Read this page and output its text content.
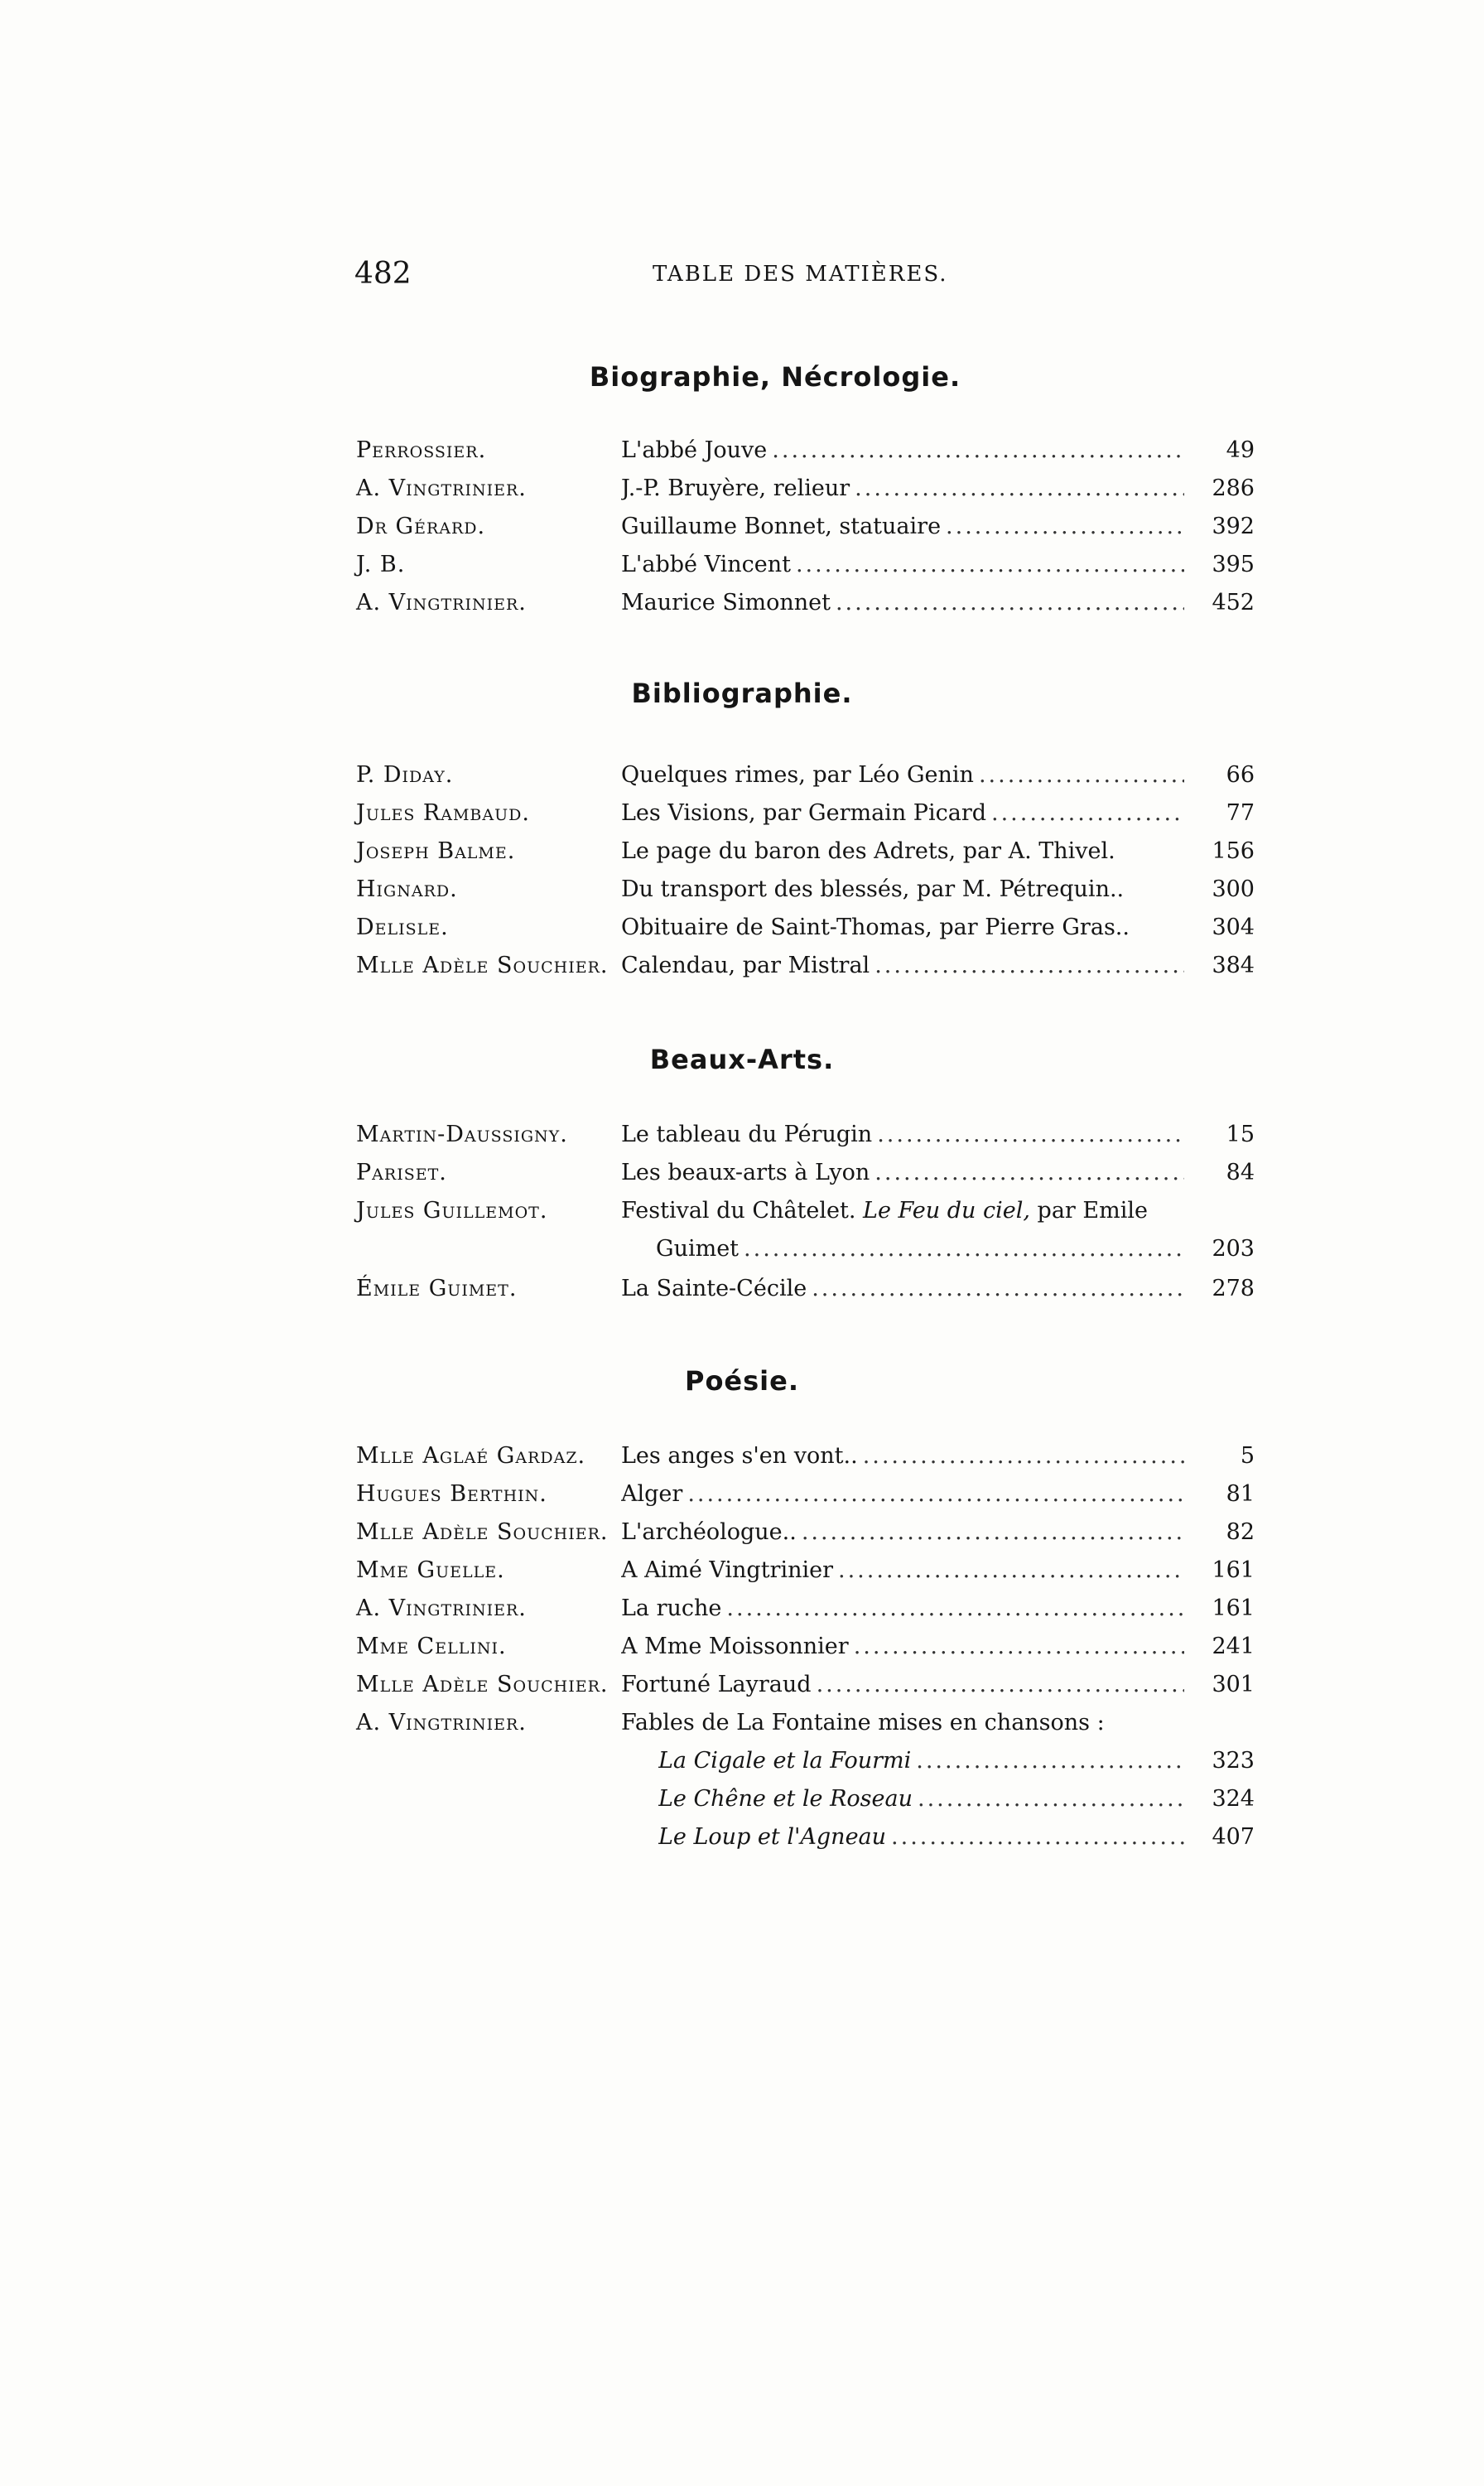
482	TABLE DES MATIÈRES.
Biographie, Nécrologie.
Perrossier.	L'abbé Jouve .....	49
A. Vingtrinier.	J.-P. Bruyère, relieur .....	286
Dr Gérard.	Guillaume Bonnet, statuaire .....	392
J. B.	L'abbé Vincent .....	395
A. Vingtrinier.	Maurice Simonnet .....	452
Bibliographie.
P. Diday.	Quelques rimes, par Léo Genin .....	66
Jules Rambaud.	Les Visions, par Germain Picard .....	77
Joseph Balme.	Le page du baron des Adrets, par A. Thivel.	156
Hignard.	Du transport des blessés, par M. Pétrequin..	300
Delisle.	Obituaire de Saint-Thomas, par Pierre Gras..	304
Mlle Adèle Souchier. Calendau, par Mistral .....	384
Beaux-Arts.
Martin-Daussigny. Le tableau du Pérugin .....	15
Pariset.	Les beaux-arts à Lyon .....	84
Jules Guillemot.	Festival du Châtelet. Le Feu du ciel, par Emile
Guimet .....	203
Émile Guimet.	La Sainte-Cécile .....	278
Poésie.
Mlle Aglaé Gardaz. Les anges s'en vont.. .....	5
Hugues Berthin.	Alger .....	81
Mlle Adèle Souchier. L'archéologue.. .....	82
Mme Guelle.	A Aimé Vingtrinier .....	161
A. Vingtrinier.	La ruche .....	161
Mme Cellini.	A Mme Moissonnier .....	241
Mlle Adèle Souchier. Fortuné Layraud .....	301
A. Vingtrinier.	Fables de La Fontaine mises en chansons :
La Cigale et la Fourmi .....	323
Le Chêne et le Roseau .....	324
Le Loup et l'Agneau .....	407
